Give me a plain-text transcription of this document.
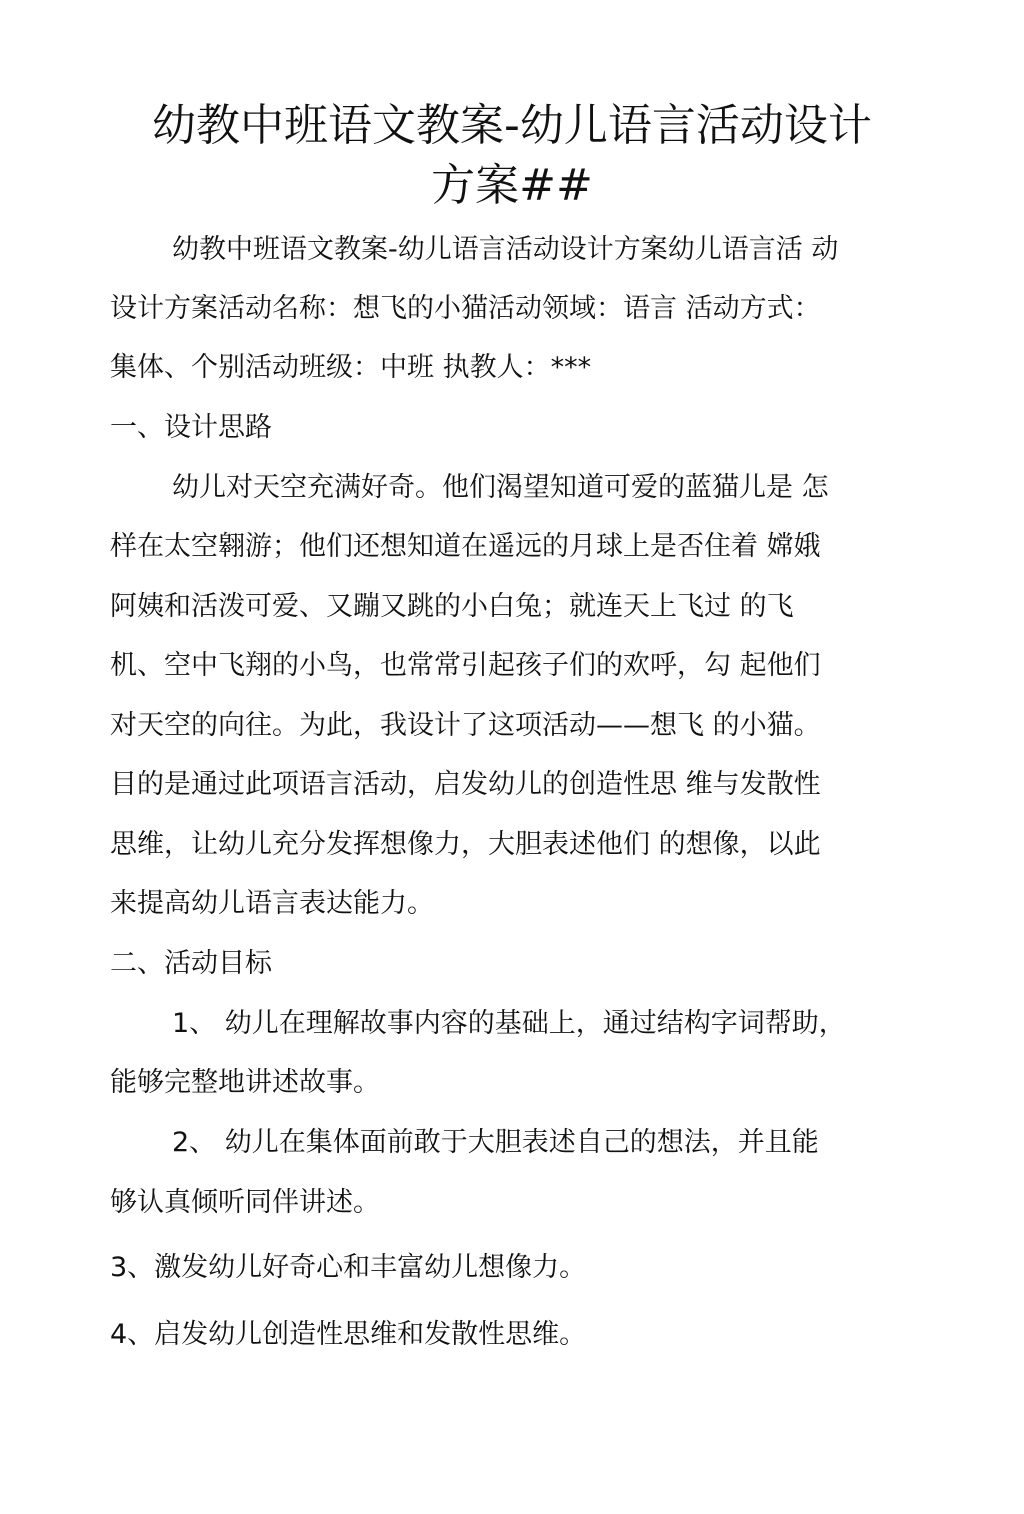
幼教中班语文教案-幼儿语言活动设计
方案##

幼教中班语文教案-幼儿语言活动设计方案幼儿语言活 动

设计方案活动名称：想飞的小猫活动领域：语言 活动方式：

集体、个别活动班级：中班 执教人：***

一、设计思路

幼儿对天空充满好奇。他们渴望知道可爱的蓝猫儿是 怎

样在太空翱游；他们还想知道在遥远的月球上是否住着 嫦娥

阿姨和活泼可爱、又蹦又跳的小白兔；就连天上飞过 的飞

机、空中飞翔的小鸟，也常常引起孩子们的欢呼，勾 起他们

对天空的向往。为此，我设计了这项活动——想飞 的小猫。

目的是通过此项语言活动，启发幼儿的创造性思 维与发散性

思维，让幼儿充分发挥想像力，大胆表述他们 的想像，以此

来提高幼儿语言表达能力。

二、活动目标

1、 幼儿在理解故事内容的基础上，通过结构字词帮助，

能够完整地讲述故事。

2、 幼儿在集体面前敢于大胆表述自己的想法，并且能

够认真倾听同伴讲述。

3、激发幼儿好奇心和丰富幼儿想像力。

4、启发幼儿创造性思维和发散性思维。
